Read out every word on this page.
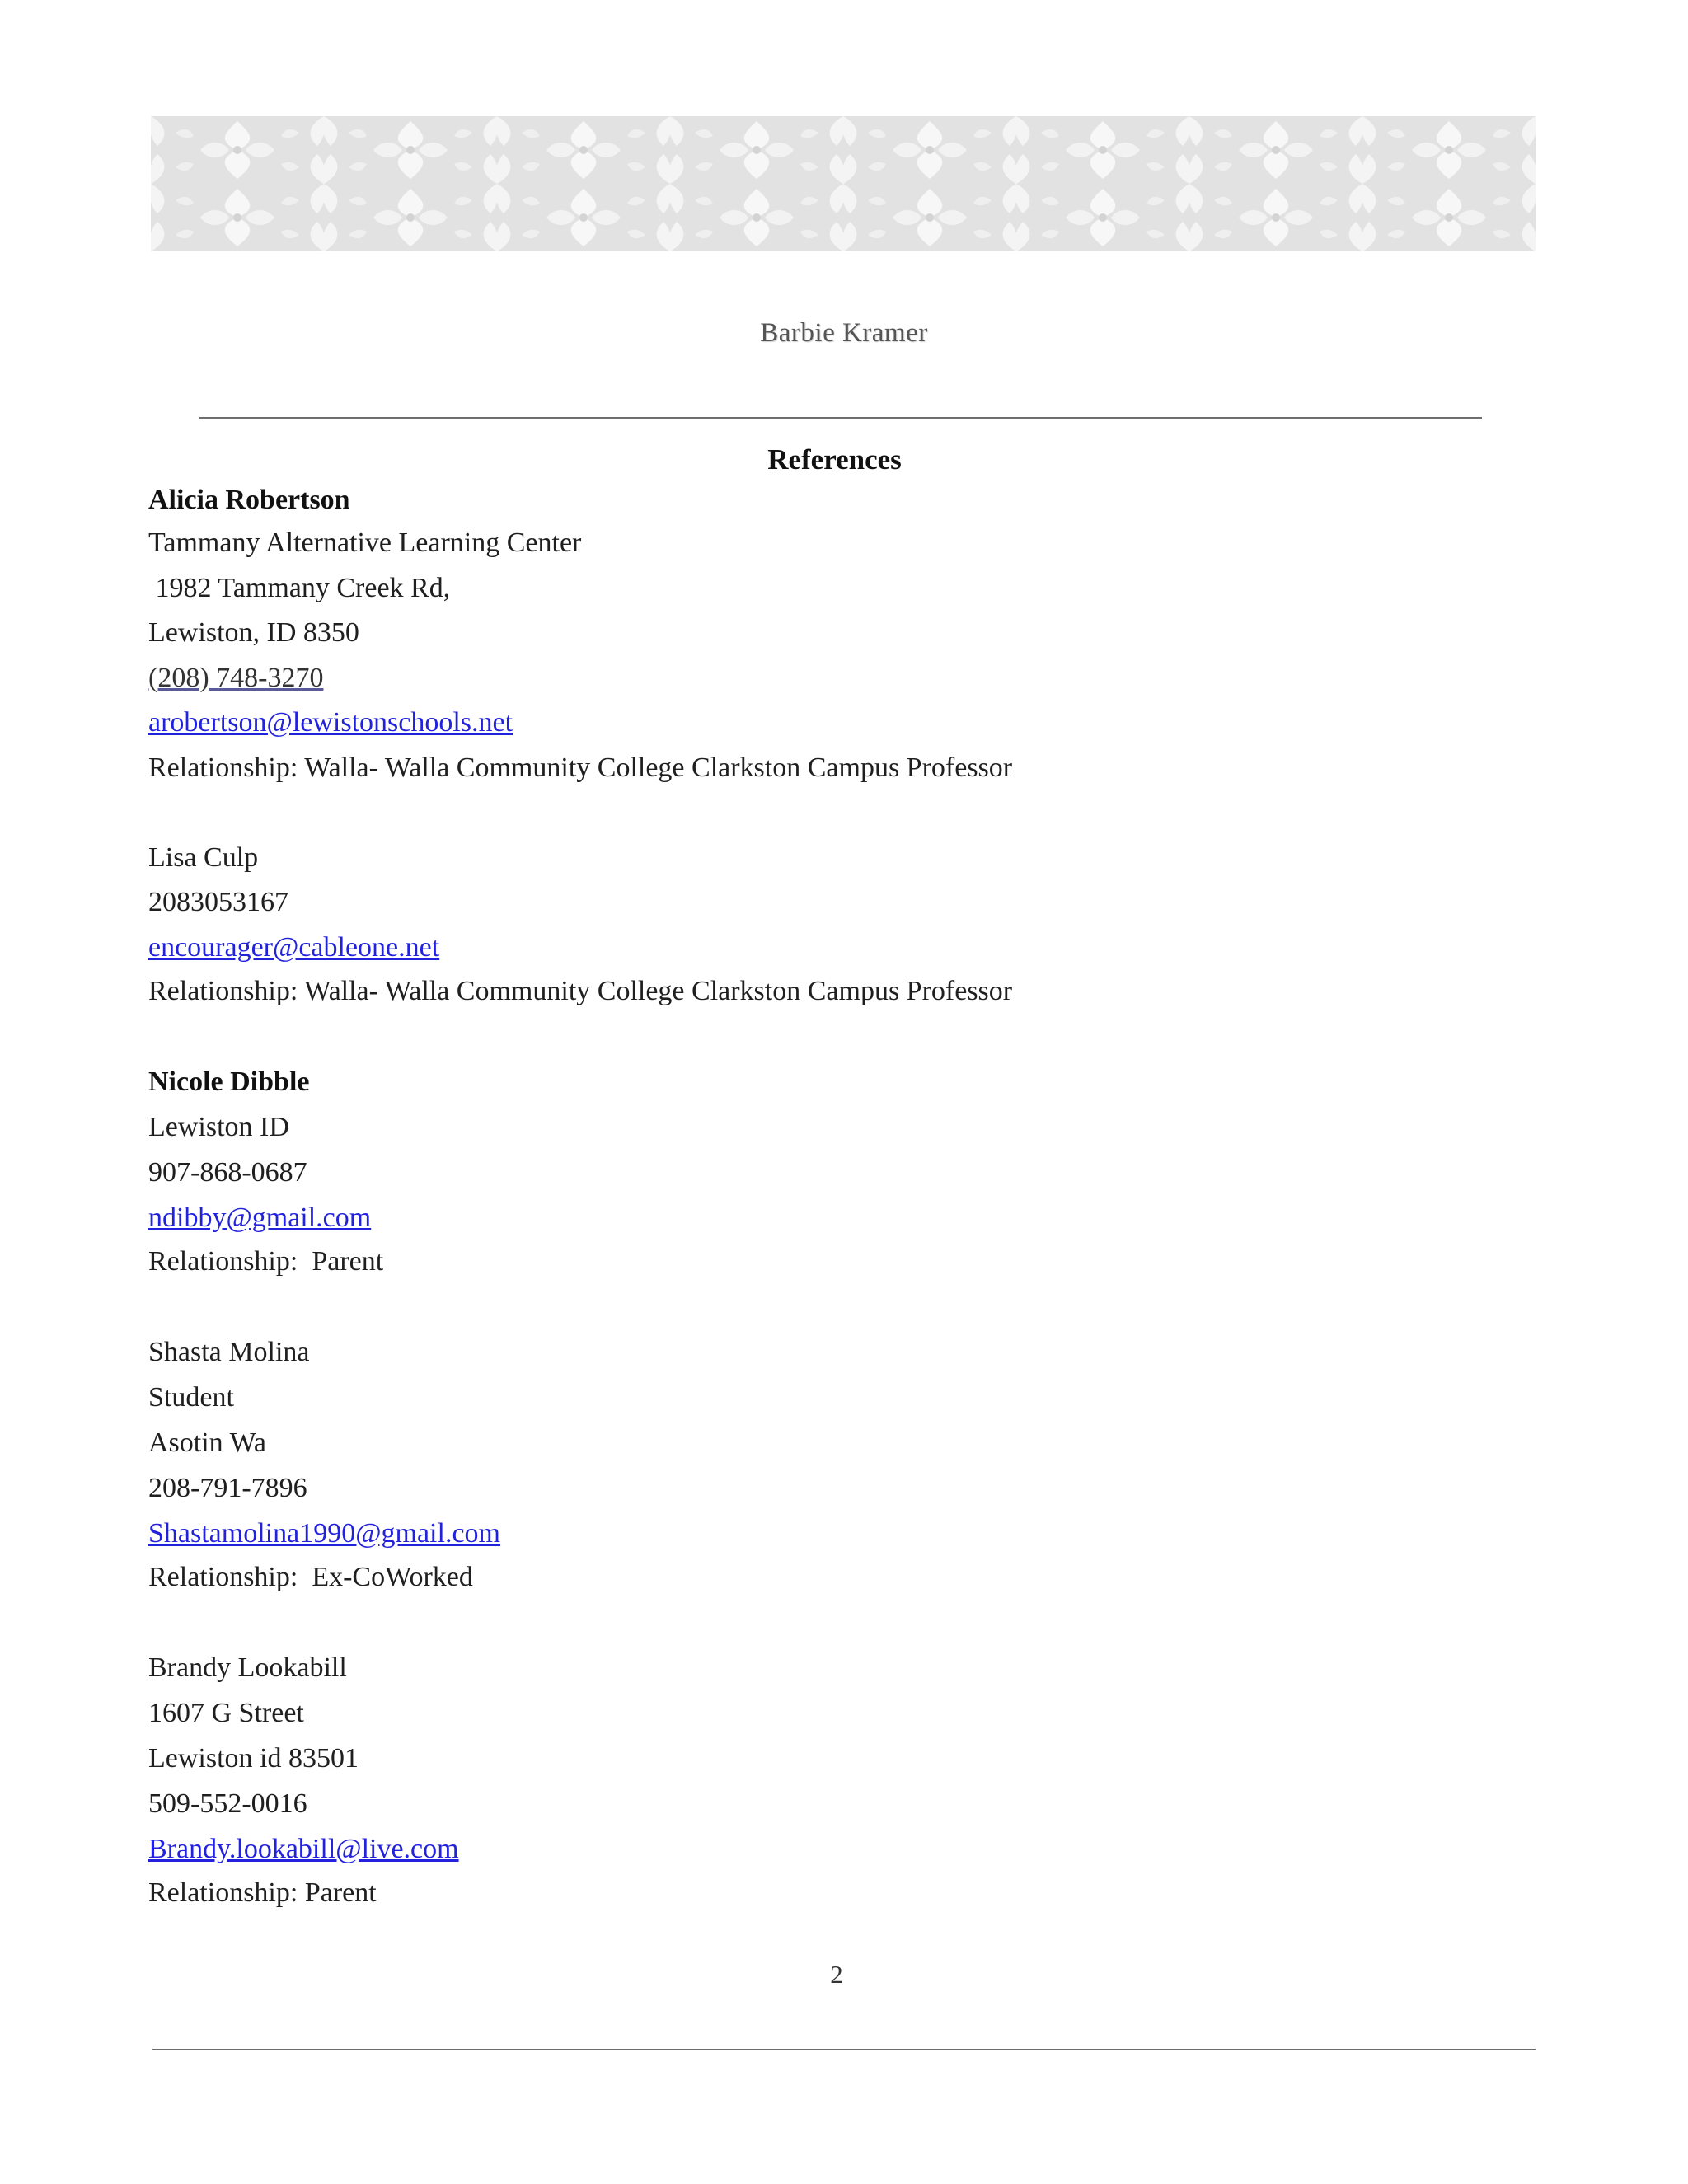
Barbie Kramer
References
Alicia Robertson
Tammany Alternative Learning Center
1982 Tammany Creek Rd,
Lewiston, ID 8350
(208) 748-3270
arobertson@lewistonschools.net
Relationship: Walla- Walla Community College Clarkston Campus Professor
Lisa Culp
2083053167
encourager@cableone.net
Relationship: Walla- Walla Community College Clarkston Campus Professor
Nicole Dibble
Lewiston ID
907-868-0687
ndibby@gmail.com
Relationship:  Parent
Shasta Molina
Student
Asotin Wa
208-791-7896
Shastamolina1990@gmail.com
Relationship:  Ex-CoWorked
Brandy Lookabill
1607 G Street
Lewiston id 83501
509-552-0016
Brandy.lookabill@live.com
Relationship: Parent
2
